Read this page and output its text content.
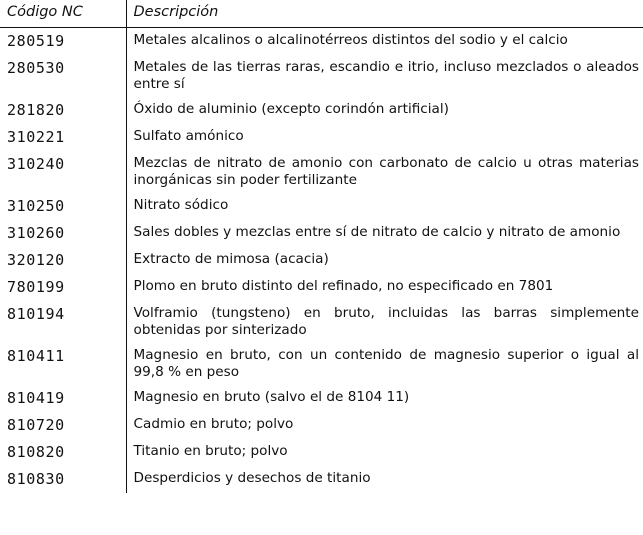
Código NC	Descripción
280519	Metales alcalinos o alcalinotérreos distintos del sodio y el calcio
280530	Metales de las tierras raras, escandio e itrio, incluso mezclados o aleados entre sí
281820	Óxido de aluminio (excepto corindón artificial)
310221	Sulfato amónico
310240	Mezclas de nitrato de amonio con carbonato de calcio u otras materias inorgánicas sin poder fertilizante
310250	Nitrato sódico
310260	Sales dobles y mezclas entre sí de nitrato de calcio y nitrato de amonio
320120	Extracto de mimosa (acacia)
780199	Plomo en bruto distinto del refinado, no especificado en 7801
810194	Volframio (tungsteno) en bruto, incluidas las barras simplemente obtenidas por sinterizado
810411	Magnesio en bruto, con un contenido de magnesio superior o igual al 99,8 % en peso
810419	Magnesio en bruto (salvo el de 8104 11)
810720	Cadmio en bruto; polvo
810820	Titanio en bruto; polvo
810830	Desperdicios y desechos de titanio
